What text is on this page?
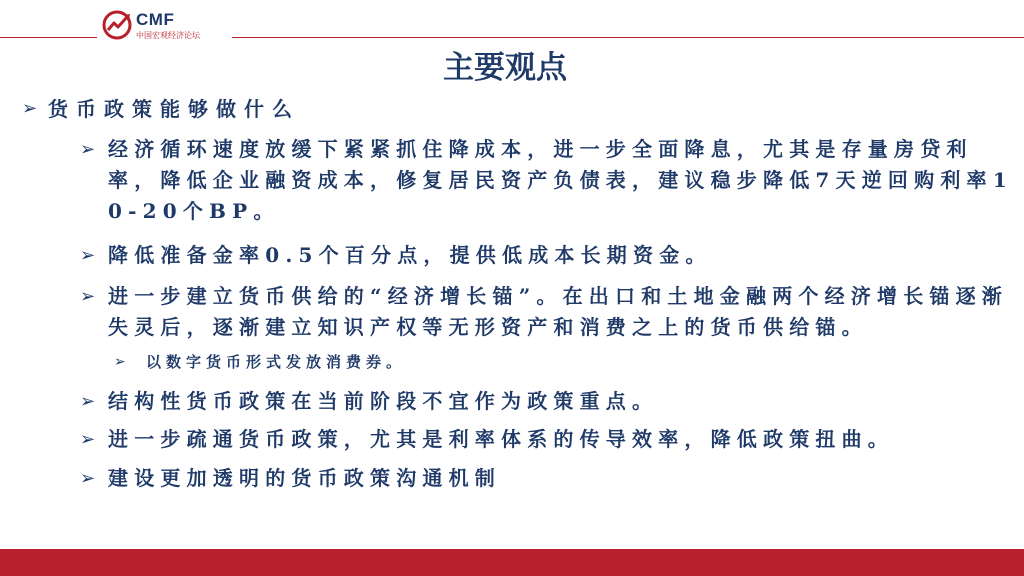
CMF
中国宏观经济论坛
主要观点
➢ 货币政策能够做什么
➢ 经济循环速度放缓下紧紧抓住降成本，进一步全面降息，尤其是存量房贷利率，降低企业融资成本，修复居民资产负债表，建议稳步降低7天逆回购利率10-20个BP。
➢ 降低准备金率0.5个百分点，提供低成本长期资金。
➢ 进一步建立货币供给的“经济增长锚”。在出口和土地金融两个经济增长锚逐渐失灵后，逐渐建立知识产权等无形资产和消费之上的货币供给锚。
➢ 以数字货币形式发放消费券。
➢ 结构性货币政策在当前阶段不宜作为政策重点。
➢ 进一步疏通货币政策，尤其是利率体系的传导效率，降低政策扭曲。
➢ 建设更加透明的货币政策沟通机制
